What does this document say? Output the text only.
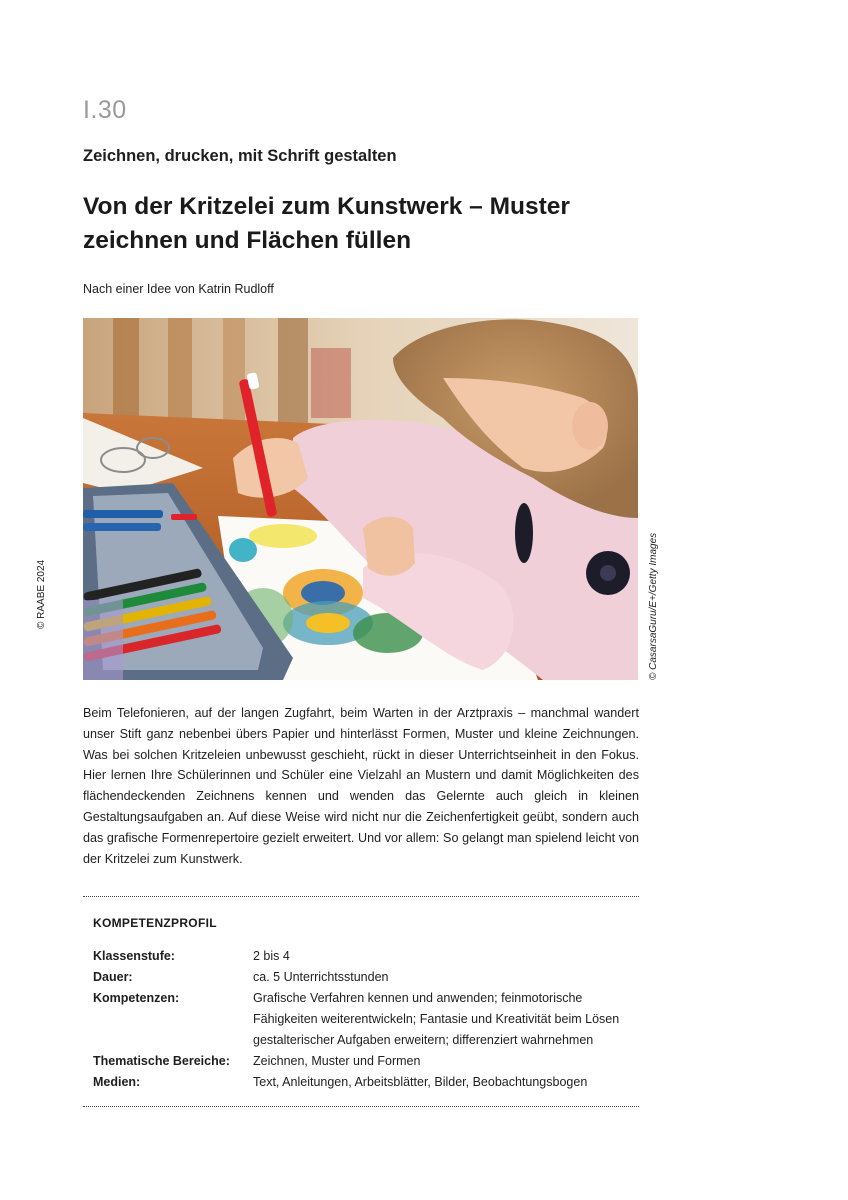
I.30
Zeichnen, drucken, mit Schrift gestalten
Von der Kritzelei zum Kunstwerk – Muster zeichnen und Flächen füllen
Nach einer Idee von Katrin Rudloff
© RAABE 2024	© CasarsaGuru/E+/Getty Images

Beim Telefonieren, auf der langen Zugfahrt, beim Warten in der Arztpraxis – manchmal wandert unser Stift ganz nebenbei übers Papier und hinterlässt Formen, Muster und kleine Zeichnungen. Was bei solchen Kritzeleien unbewusst geschieht, rückt in dieser Unterrichtseinheit in den Fokus. Hier lernen Ihre Schülerinnen und Schüler eine Vielzahl an Mustern und damit Möglichkeiten des flächendeckenden Zeichnens kennen und wenden das Gelernte auch gleich in kleinen Gestaltungsaufgaben an. Auf diese Weise wird nicht nur die Zeichenfertigkeit geübt, sondern auch das grafische Formenrepertoire gezielt erweitert. Und vor allem: So gelangt man spielend leicht von der Kritzelei zum Kunstwerk.

KOMPETENZPROFIL
Klassenstufe:	2 bis 4
Dauer:	ca. 5 Unterrichtsstunden
Kompetenzen:	Grafische Verfahren kennen und anwenden; feinmotorische Fähigkeiten weiterentwickeln; Fantasie und Kreativität beim Lösen gestalterischer Aufgaben erweitern; differenziert wahrnehmen
Thematische Bereiche:	Zeichnen, Muster und Formen
Medien:	Text, Anleitungen, Arbeitsblätter, Bilder, Beobachtungsbogen
